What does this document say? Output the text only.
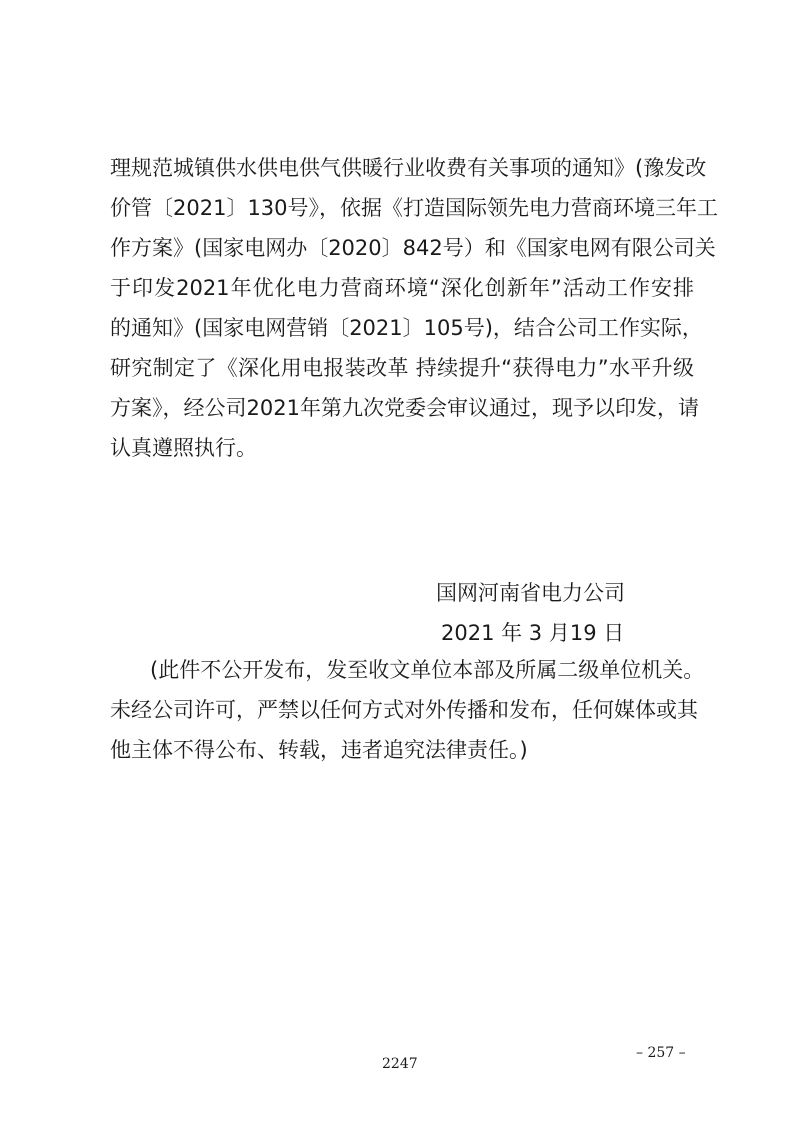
理规范城镇供水供电供气供暖行业收费有关事项的通知》(豫发改
价管〔2021〕130号》，依据《打造国际领先电力营商环境三年工
作方案》(国家电网办〔2020〕842号）和《国家电网有限公司关
于印发2021年优化电力营商环境“深化创新年”活动工作安排
的通知》(国家电网营销〔2021〕105号)，结合公司工作实际，
研究制定了《深化用电报装改革 持续提升“获得电力”水平升级
方案》，经公司2021年第九次党委会审议通过，现予以印发，请
认真遵照执行。
国网河南省电力公司
2021 年 3 月19 日
(此件不公开发布，发至收文单位本部及所属二级单位机关。
未经公司许可，严禁以任何方式对外传播和发布，任何媒体或其
他主体不得公布、转载，违者追究法律责任。)
– 257 –
2247
